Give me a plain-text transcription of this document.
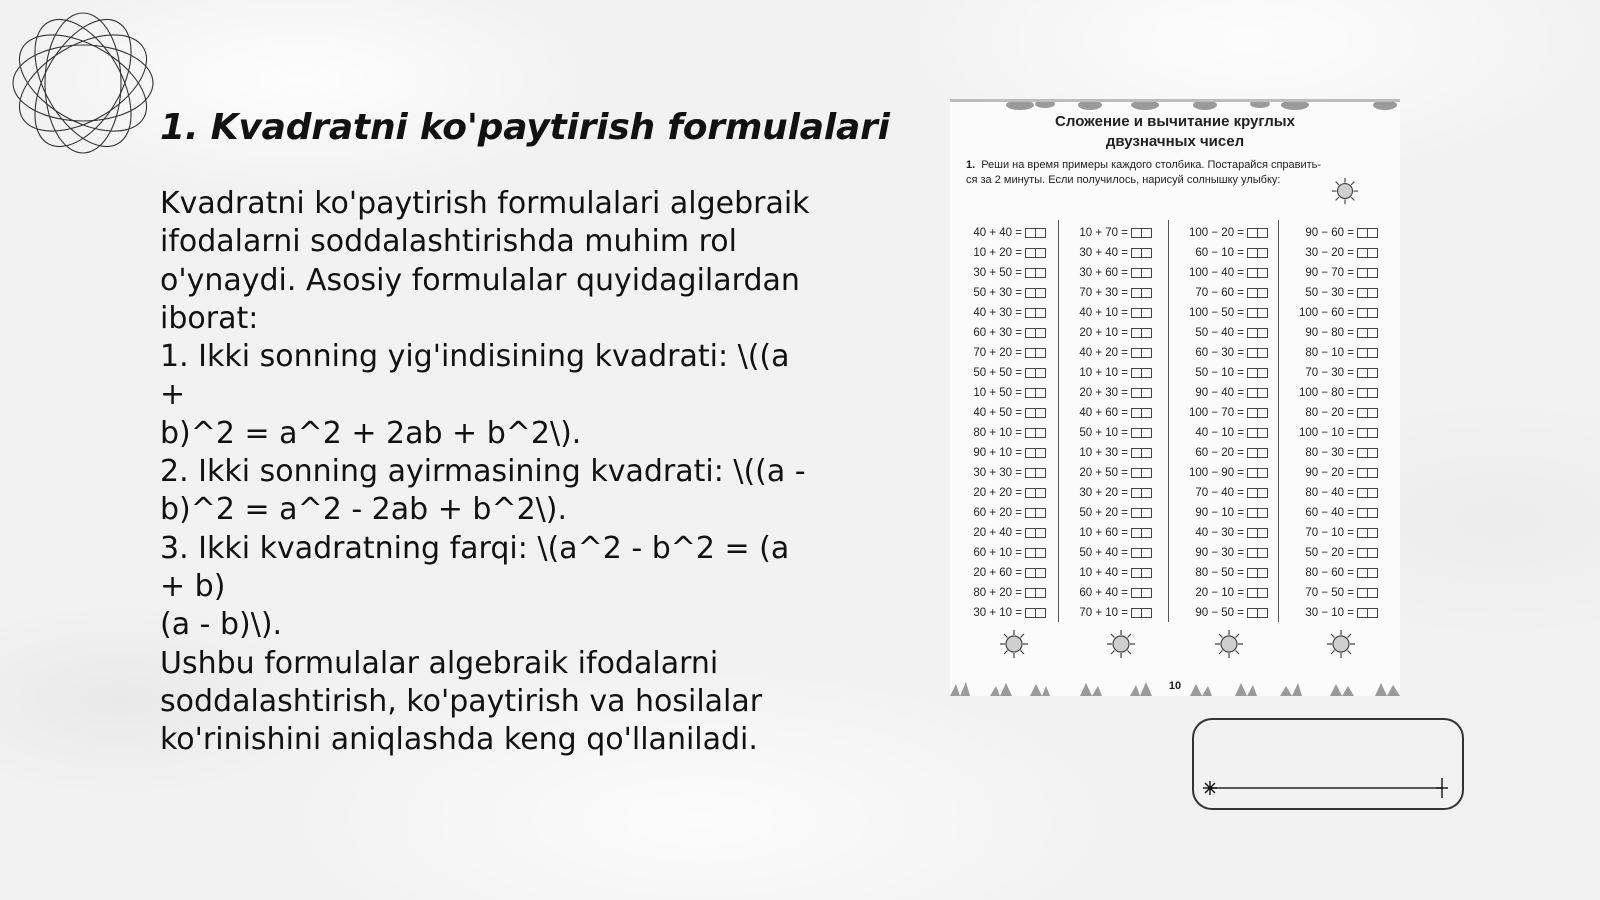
1. Kvadratni ko'paytirish formulalari

Kvadratni ko'paytirish formulalari algebraik

ifodalarni soddalashtirishda muhim rol

o'ynaydi. Asosiy formulalar quyidagilardan

iborat:

1. Ikki sonning yig'indisining kvadrati: \((a +

b)^2 = a^2 + 2ab + b^2\).

2. Ikki sonning ayirmasining kvadrati: \((a -

b)^2 = a^2 - 2ab + b^2\).

3. Ikki kvadratning farqi: \(a^2 - b^2 = (a + b)

(a - b)\).

Ushbu formulalar algebraik ifodalarni

soddalashtirish, ko'paytirish va hosilalar

ko'rinishini aniqlashda keng qo'llaniladi.

Сложение и вычитание круглых
двузначных чисел
1. Реши на время примеры каждого столбика. Постарайся справить-
ся за 2 минуты. Если получилось, нарисуй солнышку улыбку:
40 + 40 =
10 + 20 =
30 + 50 =
50 + 30 =
40 + 30 =
60 + 30 =
70 + 20 =
50 + 50 =
10 + 50 =
40 + 50 =
80 + 10 =
90 + 10 =
30 + 30 =
20 + 20 =
60 + 20 =
20 + 40 =
60 + 10 =
20 + 60 =
80 + 20 =
30 + 10 =
10 + 70 =
30 + 40 =
30 + 60 =
70 + 30 =
40 + 10 =
20 + 10 =
40 + 20 =
10 + 10 =
20 + 30 =
40 + 60 =
50 + 10 =
10 + 30 =
20 + 50 =
30 + 20 =
50 + 20 =
10 + 60 =
50 + 40 =
10 + 40 =
60 + 40 =
70 + 10 =
100 − 20 =
60 − 10 =
100 − 40 =
70 − 60 =
100 − 50 =
50 − 40 =
60 − 30 =
50 − 10 =
90 − 40 =
100 − 70 =
40 − 10 =
60 − 20 =
100 − 90 =
70 − 40 =
90 − 10 =
40 − 30 =
90 − 30 =
80 − 50 =
20 − 10 =
90 − 50 =
90 − 60 =
30 − 20 =
90 − 70 =
50 − 30 =
100 − 60 =
90 − 80 =
80 − 10 =
70 − 30 =
100 − 80 =
80 − 20 =
100 − 10 =
80 − 30 =
90 − 20 =
80 − 40 =
60 − 40 =
70 − 10 =
50 − 20 =
80 − 60 =
70 − 50 =
30 − 10 =
10
